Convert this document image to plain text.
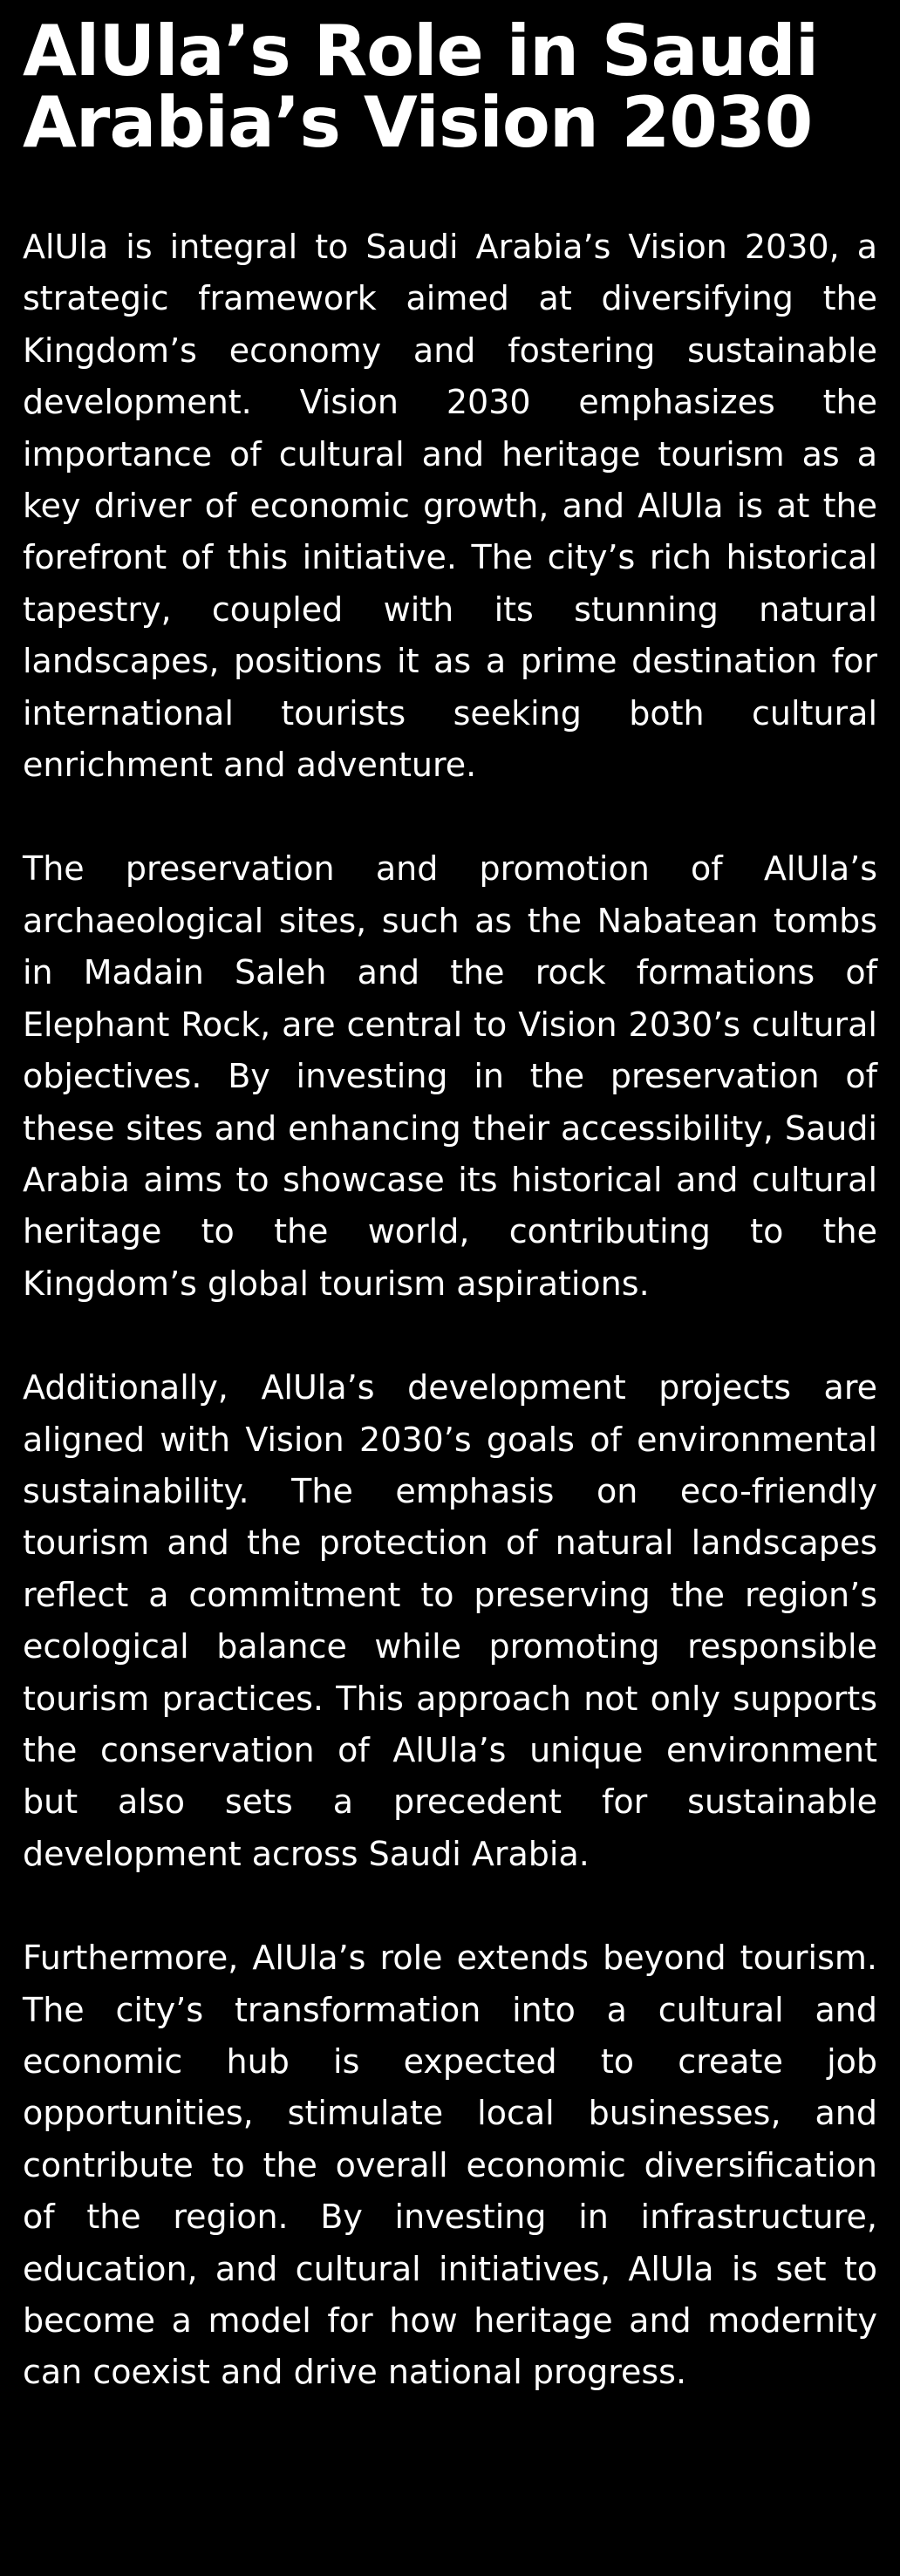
AlUla’s Role in Saudi Arabia’s Vision 2030

AlUla is integral to Saudi Arabia’s Vision 2030, a strategic framework aimed at diversifying the Kingdom’s economy and fostering sustainable development. Vision 2030 emphasizes the importance of cultural and heritage tourism as a key driver of economic growth, and AlUla is at the forefront of this initiative. The city’s rich historical tapestry, coupled with its stunning natural landscapes, positions it as a prime destination for international tourists seeking both cultural enrichment and adventure.

The preservation and promotion of AlUla’s archaeological sites, such as the Nabatean tombs in Madain Saleh and the rock formations of Elephant Rock, are central to Vision 2030’s cultural objectives. By investing in the preservation of these sites and enhancing their accessibility, Saudi Arabia aims to showcase its historical and cultural heritage to the world, contributing to the Kingdom’s global tourism aspirations.

Additionally, AlUla’s development projects are aligned with Vision 2030’s goals of environmental sustainability. The emphasis on eco-friendly tourism and the protection of natural landscapes reflect a commitment to preserving the region’s ecological balance while promoting responsible tourism practices. This approach not only supports the conservation of AlUla’s unique environment but also sets a precedent for sustainable development across Saudi Arabia.

Furthermore, AlUla’s role extends beyond tourism. The city’s transformation into a cultural and economic hub is expected to create job opportunities, stimulate local businesses, and contribute to the overall economic diversification of the region. By investing in infrastructure, education, and cultural initiatives, AlUla is set to become a model for how heritage and modernity can coexist and drive national progress.
